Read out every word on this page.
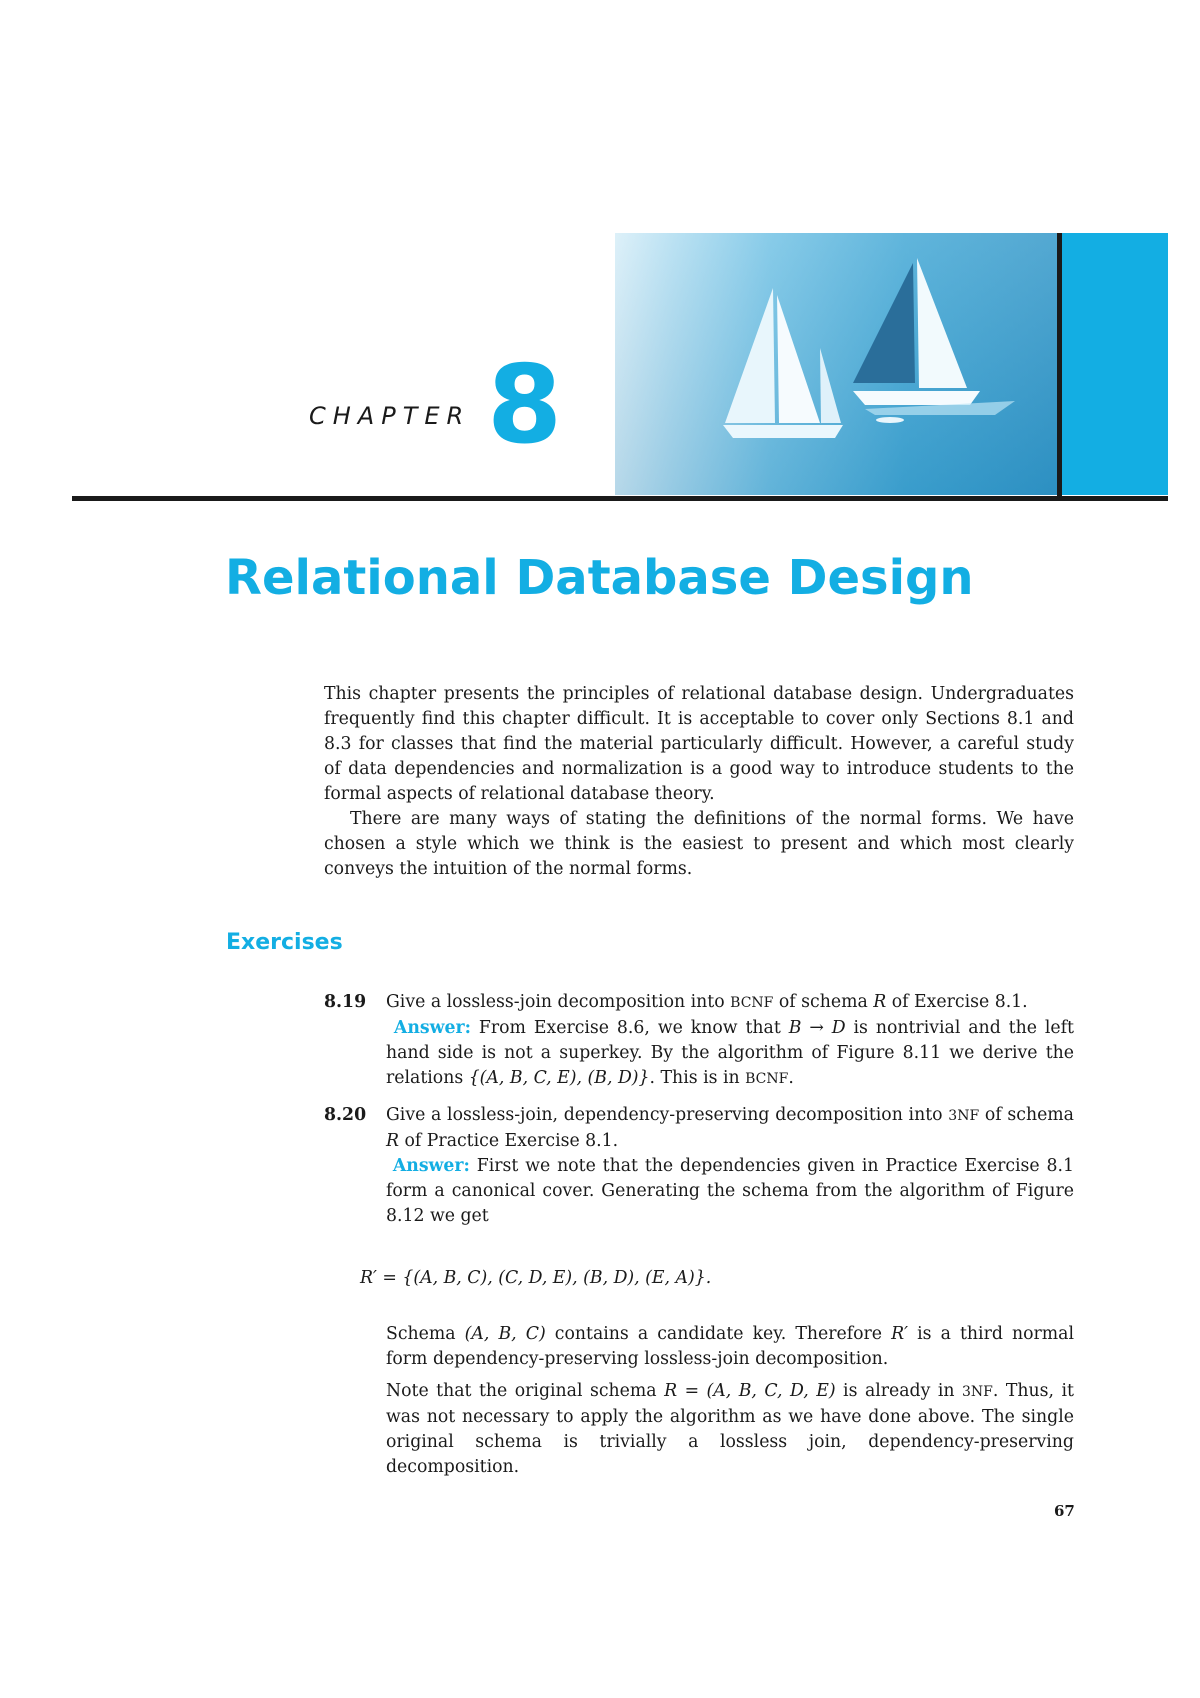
CHAPTER 8
Relational Database Design

This chapter presents the principles of relational database design. Undergraduates frequently find this chapter difficult. It is acceptable to cover only Sections 8.1 and 8.3 for classes that find the material particularly difficult. However, a careful study of data dependencies and normalization is a good way to introduce students to the formal aspects of relational database theory.

There are many ways of stating the definitions of the normal forms. We have chosen a style which we think is the easiest to present and which most clearly conveys the intuition of the normal forms.

Exercises
8.19 Give a lossless-join decomposition into BCNF of schema R of Exercise 8.1.

Answer: From Exercise 8.6, we know that B → D is nontrivial and the left hand side is not a superkey. By the algorithm of Figure 8.11 we derive the relations {(A, B, C, E), (B, D)}. This is in BCNF.

8.20 Give a lossless-join, dependency-preserving decomposition into 3NF of schema R of Practice Exercise 8.1.

Answer: First we note that the dependencies given in Practice Exercise 8.1 form a canonical cover. Generating the schema from the algorithm of Figure 8.12 we get

R′ = {(A, B, C), (C, D, E), (B, D), (E, A)}.

Schema (A, B, C) contains a candidate key. Therefore R′ is a third normal form dependency-preserving lossless-join decomposition.

Note that the original schema R = (A, B, C, D, E) is already in 3NF. Thus, it was not necessary to apply the algorithm as we have done above. The single original schema is trivially a lossless join, dependency-preserving decomposition.

67
